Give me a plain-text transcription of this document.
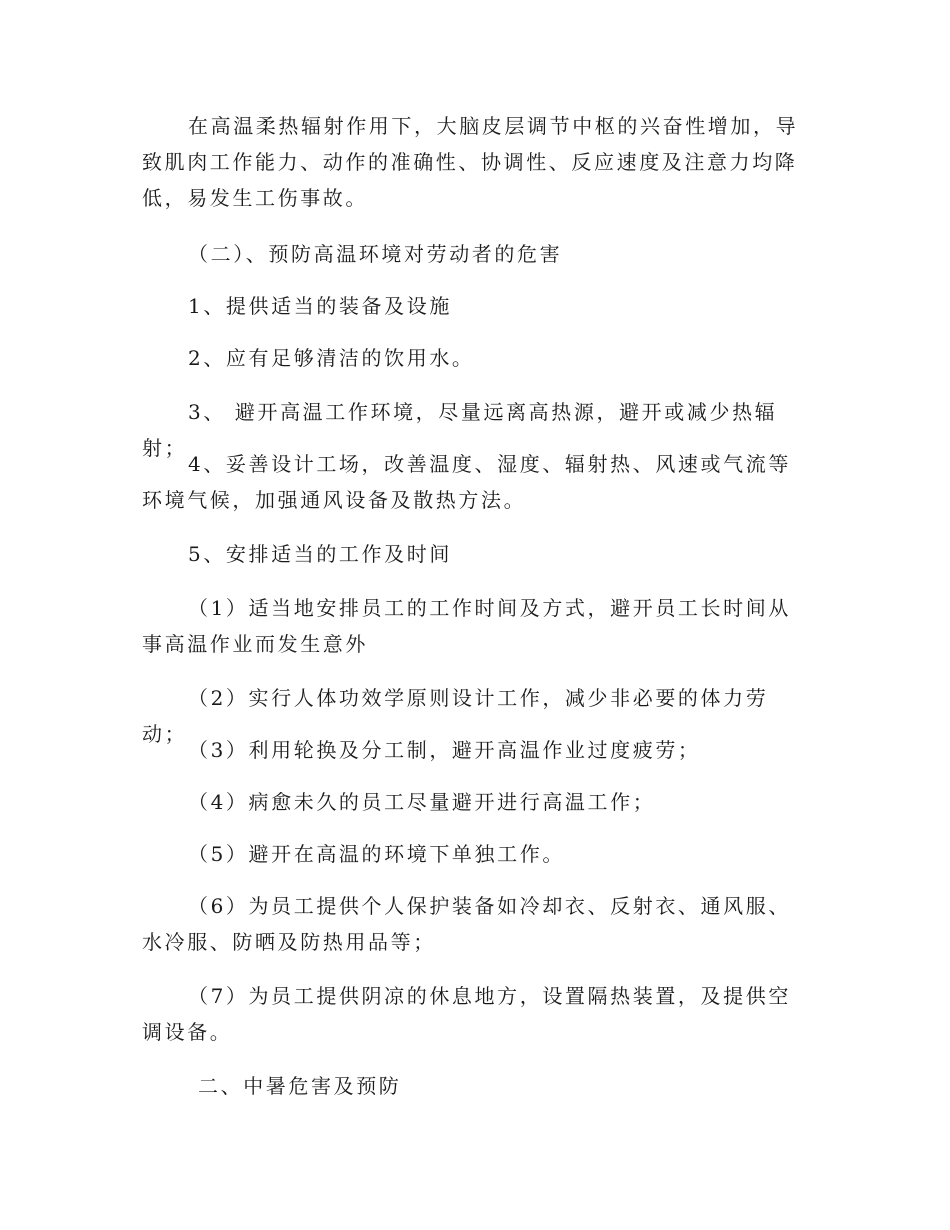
在高温柔热辐射作用下，大脑皮层调节中枢的兴奋性增加，导致肌肉工作能力、动作的准确性、协调性、反应速度及注意力均降低，易发生工伤事故。

（二）、预防高温环境对劳动者的危害

1、提供适当的装备及设施

2、应有足够清洁的饮用水。

3、 避开高温工作环境，尽量远离高热源，避开或减少热辐射；

4、妥善设计工场，改善温度、湿度、辐射热、风速或气流等环境气候，加强通风设备及散热方法。

5、安排适当的工作及时间

（1）适当地安排员工的工作时间及方式，避开员工长时间从事高温作业而发生意外

（2）实行人体功效学原则设计工作，减少非必要的体力劳动；

（3）利用轮换及分工制，避开高温作业过度疲劳；

（4）病愈未久的员工尽量避开进行高温工作；

（5）避开在高温的环境下单独工作。

（6）为员工提供个人保护装备如冷却衣、反射衣、通风服、水冷服、防晒及防热用品等；

（7）为员工提供阴凉的休息地方，设置隔热装置，及提供空调设备。

二、中暑危害及预防
